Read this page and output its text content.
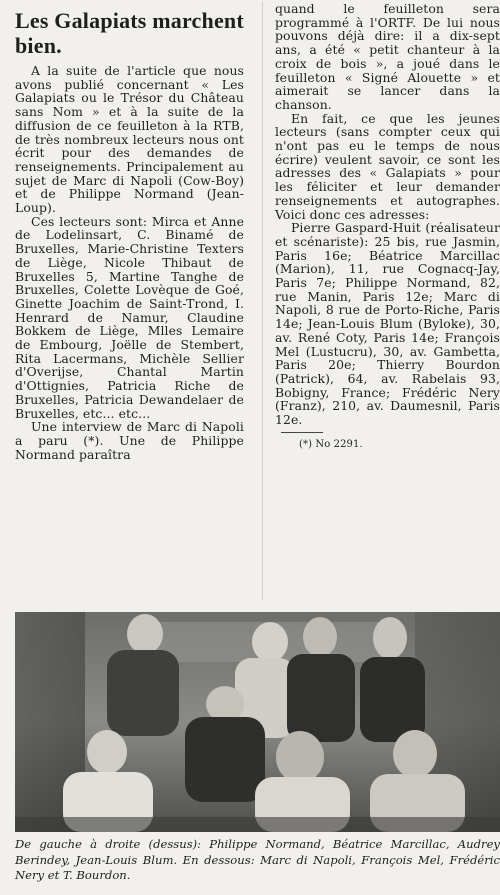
Les Galapiats marchent bien.

A la suite de l'article que nous avons publié concernant « Les Galapiats ou le Trésor du Château sans Nom » et à la suite de la diffusion de ce feuilleton à la RTB, de très nombreux lecteurs nous ont écrit pour des demandes de renseignements. Principalement au sujet de Marc di Napoli (Cow-Boy) et de Philippe Normand (Jean-Loup).

Ces lecteurs sont: Mirca et Anne de Lodelinsart, C. Binamé de Bruxelles, Marie-Christine Texters de Liège, Nicole Thibaut de Bruxelles 5, Martine Tanghe de Bruxelles, Colette Lovèque de Goé, Ginette Joachim de Saint-Trond, I. Henrard de Namur, Claudine Bokkem de Liège, Mlles Lemaire de Embourg, Joëlle de Stembert, Rita Lacermans, Michèle Sellier d'Overijse, Chantal Martin d'Ottignies, Patricia Riche de Bruxelles, Patricia Dewandelaer de Bruxelles, etc... etc...

Une interview de Marc di Napoli a paru (*). Une de Philippe Normand paraîtra

quand le feuilleton sera programmé à l'ORTF. De lui nous pouvons déjà dire: il a dix-sept ans, a été « petit chanteur à la croix de bois », a joué dans le feuilleton « Signé Alouette » et aimerait se lancer dans la chanson.

En fait, ce que les jeunes lecteurs (sans compter ceux qui n'ont pas eu le temps de nous écrire) veulent savoir, ce sont les adresses des « Galapiats » pour les féliciter et leur demander renseignements et autographes. Voici donc ces adresses:

Pierre Gaspard-Huit (réalisateur et scénariste): 25 bis, rue Jasmin, Paris 16e; Béatrice Marcillac (Marion), 11, rue Cognacq-Jay, Paris 7e; Philippe Normand, 82, rue Manin, Paris 12e; Marc di Napoli, 8 rue de Porto-Riche, Paris 14e; Jean-Louis Blum (Byloke), 30, av. René Coty, Paris 14e; François Mel (Lustucru), 30, av. Gambetta, Paris 20e; Thierry Bourdon (Patrick), 64, av. Rabelais 93, Bobigny, France; Frédéric Nery (Franz), 210, av. Daumesnil, Paris 12e.

(*) No 2291.
De gauche à droite (dessus): Philippe Normand, Béatrice Marcillac, Audrey Berindey, Jean-Louis Blum. En dessous: Marc di Napoli, François Mel, Frédéric Nery et T. Bourdon.
